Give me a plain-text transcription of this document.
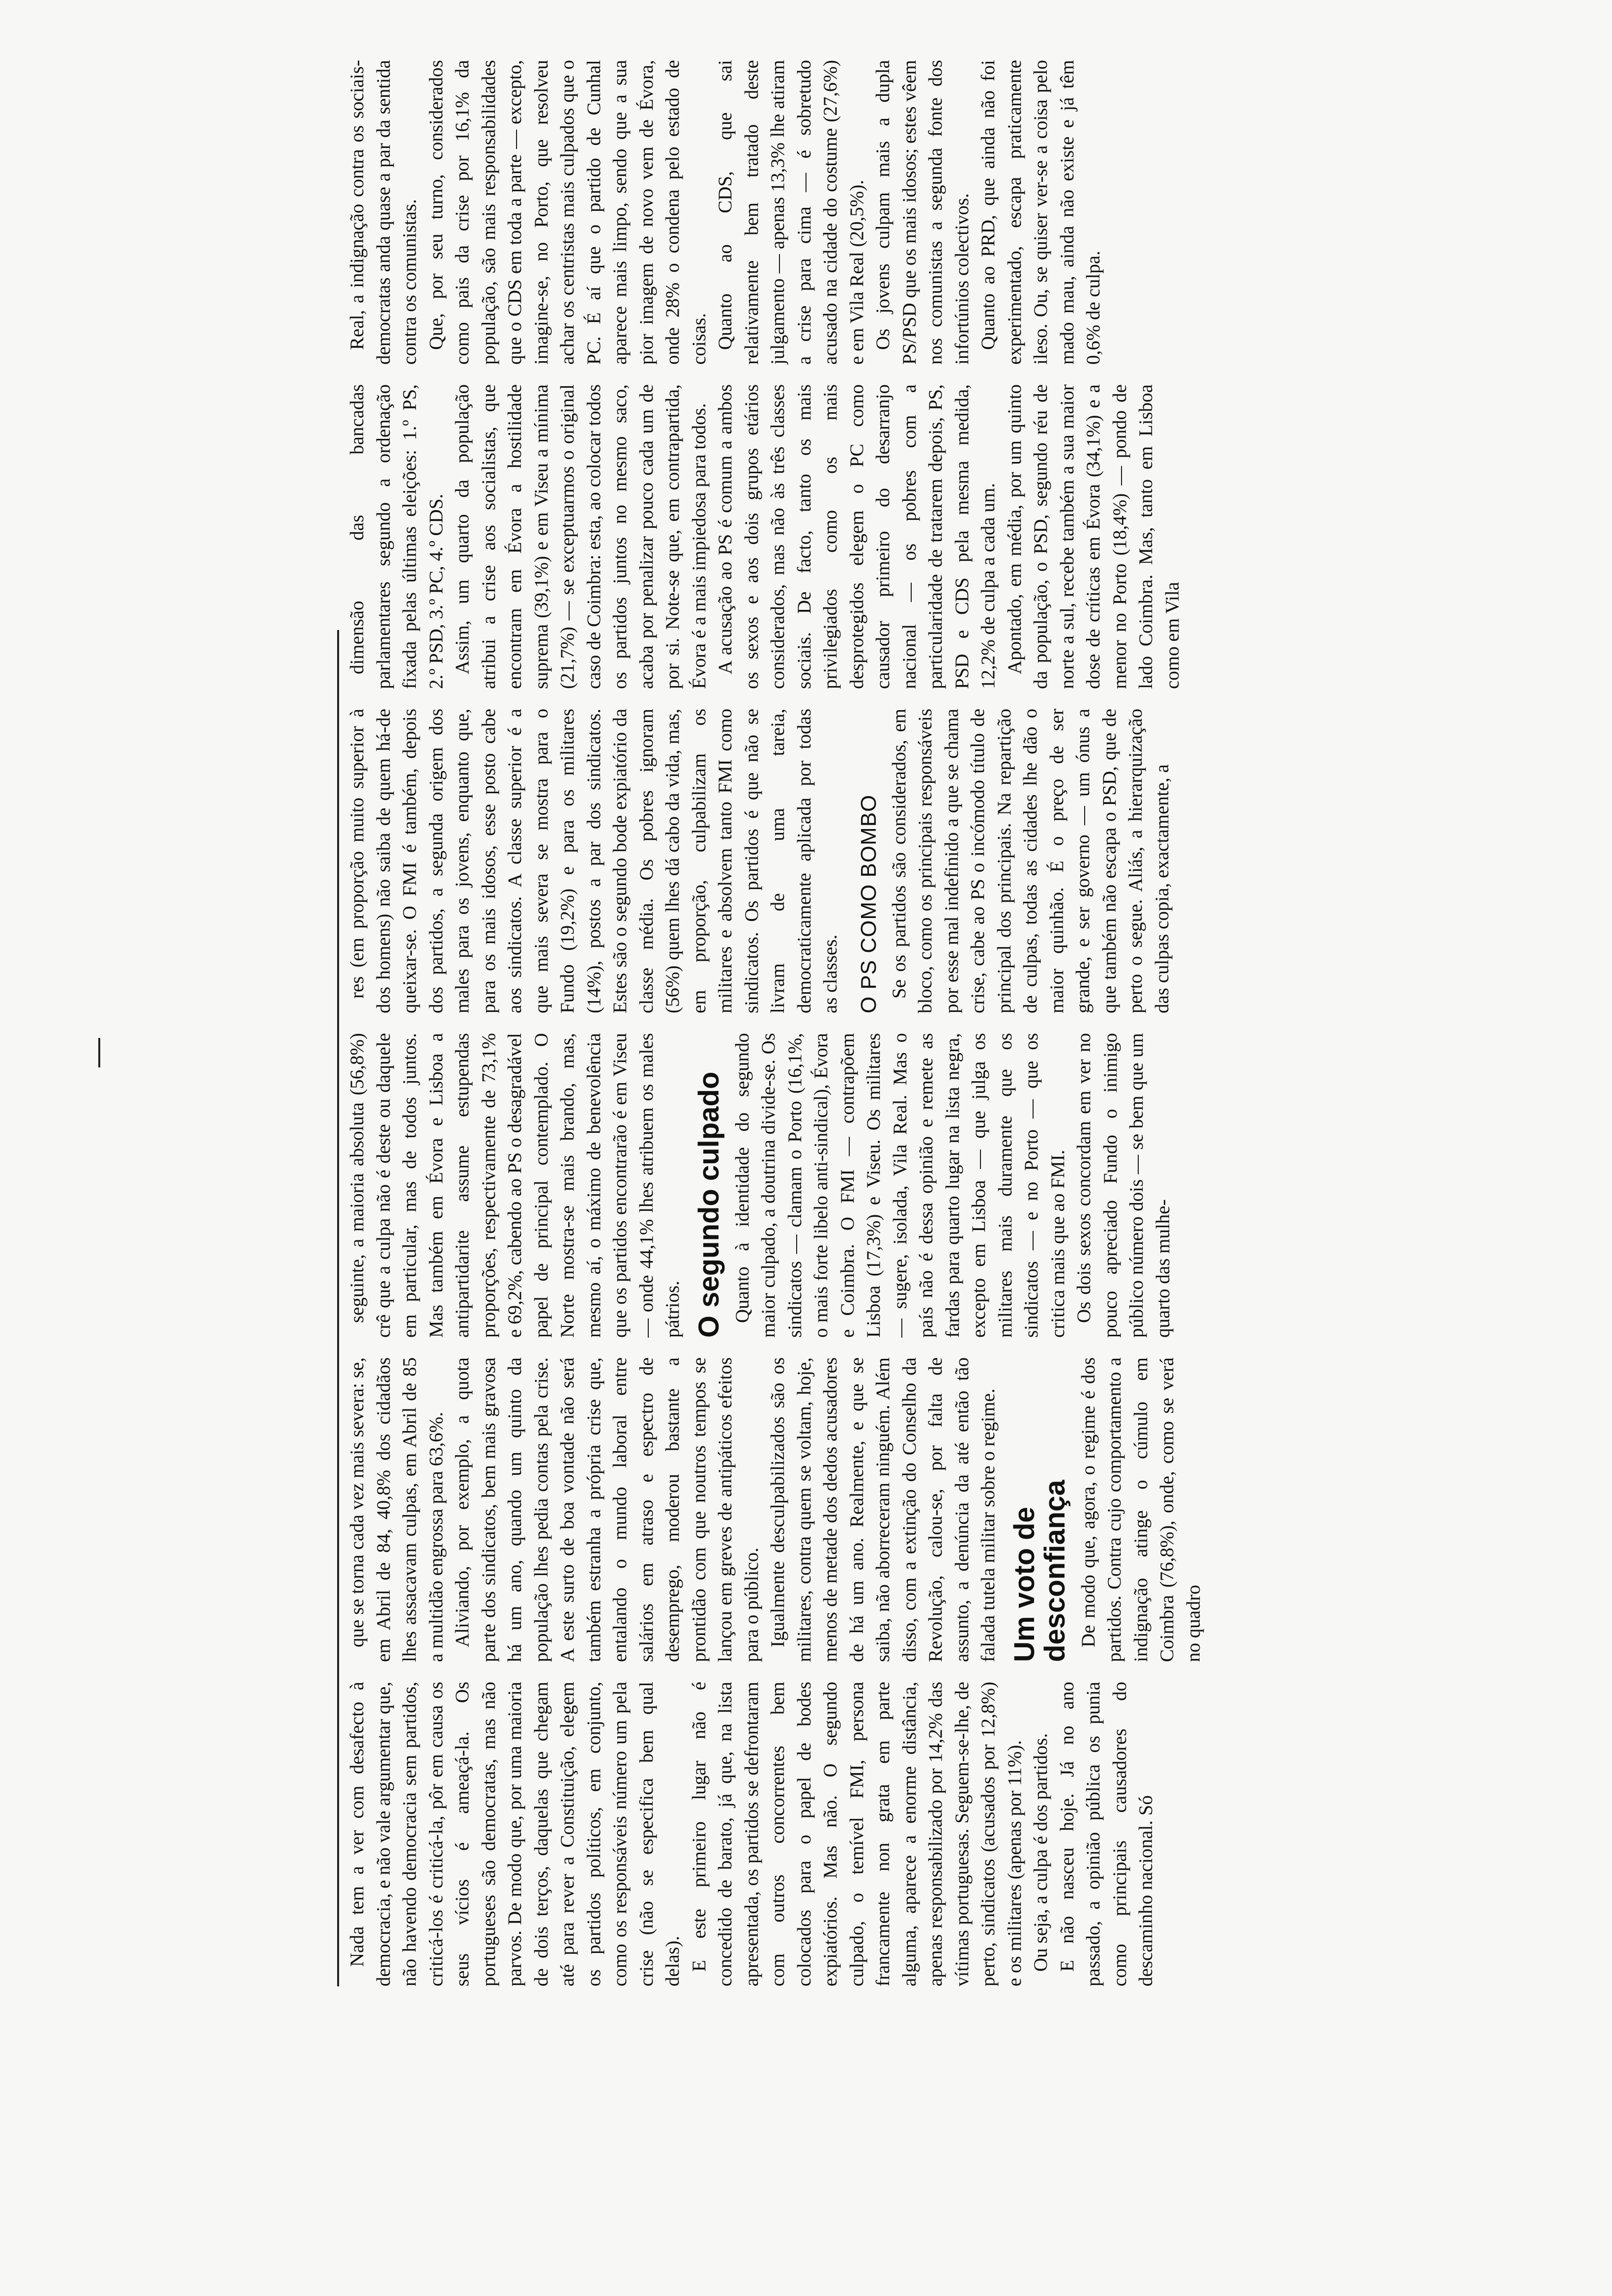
Nada tem a ver com desafecto à democracia, e não vale argumentar que, não havendo democracia sem partidos, criticá-los é criticá-la, pôr em causa os seus vícios é ameaçá-la. Os portugueses são democratas, mas não parvos. De modo que, por uma maioria de dois terços, daquelas que chegam até para rever a Constituição, elegem os partidos políticos, em conjunto, como os responsáveis número um pela crise (não se especifica bem qual delas). E este primeiro lugar não é concedido de barato, já que, na lista apresentada, os partidos se defrontaram com outros concorrentes bem colocados para o papel de bodes expiatórios. Mas não. O segundo culpado, o temível FMI, persona francamente non grata em parte alguma, aparece a enorme distância, apenas responsabilizado por 14,2% das vítimas portuguesas. Seguem-se-lhe, de perto, sindicatos (acusados por 12,8%) e os militares (apenas por 11%). Ou seja, a culpa é dos partidos. E não nasceu hoje. Já no ano passado, a opinião pública os punia como principais causadores do descaminho nacional. Só

que se torna cada vez mais severa: se, em Abril de 84, 40,8% dos cidadãos lhes assacavam culpas, em Abril de 85 a multidão engrossa para 63,6%. Aliviando, por exemplo, a quota parte dos sindicatos, bem mais gravosa há um ano, quando um quinto da população lhes pedia contas pela crise. A este surto de boa vontade não será também estranha a própria crise que, entalando o mundo laboral entre salários em atraso e espectro de desemprego, moderou bastante a prontidão com que noutros tempos se lançou em greves de antipáticos efeitos para o público. Igualmente desculpabilizados são os militares, contra quem se voltam, hoje, menos de metade dos dedos acusadores de há um ano. Realmente, e que se saiba, não aborreceram ninguém. Além disso, com a extinção do Conselho da Revolução, calou-se, por falta de assunto, a denúncia da até então tão falada tutela militar sobre o regime. Um voto de desconfiança De modo que, agora, o regime é dos partidos. Contra cujo comportamento a indignação atinge o cúmulo em Coimbra (76,8%), onde, como se verá no quadro

seguinte, a maioria absoluta (56,8%) crê que a culpa não é deste ou daquele em particular, mas de todos juntos. Mas também em Évora e Lisboa a antipartidarite assume estupendas proporções, respectivamente de 73,1% e 69,2%, cabendo ao PS o desagradável papel de principal contemplado. O Norte mostra-se mais brando, mas, mesmo aí, o máximo de benevolência que os partidos encontrarão é em Viseu — onde 44,1% lhes atribuem os males pátrios. O segundo culpado Quanto à identidade do segundo maior culpado, a doutrina divide-se. Os sindicatos — clamam o Porto (16,1%, o mais forte libelo anti-sindical), Évora e Coimbra. O FMI — contrapõem Lisboa (17,3%) e Viseu. Os militares — sugere, isolada, Vila Real. Mas o país não é dessa opinião e remete as fardas para quarto lugar na lista negra, excepto em Lisboa — que julga os militares mais duramente que os sindicatos — e no Porto — que os critica mais que ao FMI. Os dois sexos concordam em ver no pouco apreciado Fundo o inimigo público número dois — se bem que um quarto das mulhe-

res (em proporção muito superior à dos homens) não saiba de quem há-de queixar-se. O FMI é também, depois dos partidos, a segunda origem dos males para os jovens, enquanto que, para os mais idosos, esse posto cabe aos sindicatos. A classe superior é a que mais severa se mostra para o Fundo (19,2%) e para os militares (14%), postos a par dos sindicatos. Estes são o segundo bode expiatório da classe média. Os pobres ignoram (56%) quem lhes dá cabo da vida, mas, em proporção, culpabilizam os militares e absolvem tanto FMI como sindicatos. Os partidos é que não se livram de uma tareia, democraticamente aplicada por todas as classes. O PS COMO BOMBO Se os partidos são considerados, em bloco, como os principais responsáveis por esse mal indefinido a que se chama crise, cabe ao PS o incómodo título de principal dos principais. Na repartição de culpas, todas as cidades lhe dão o maior quinhão. É o preço de ser grande, e ser governo — um ónus a que também não escapa o PSD, que de perto o segue. Aliás, a hierarquização das culpas copia, exactamente, a

dimensão das bancadas parlamentares segundo a ordenação fixada pelas últimas eleições: 1.º PS, 2.º PSD, 3.º PC, 4.º CDS. Assim, um quarto da população atribui a crise aos socialistas, que encontram em Évora a hostilidade suprema (39,1%) e em Viseu a mínima (21,7%) — se exceptuarmos o original caso de Coimbra: esta, ao colocar todos os partidos juntos no mesmo saco, acaba por penalizar pouco cada um de por si. Note-se que, em contrapartida, Évora é a mais impiedosa para todos. A acusação ao PS é comum a ambos os sexos e aos dois grupos etários considerados, mas não às três classes sociais. De facto, tanto os mais privilegiados como os mais desprotegidos elegem o PC como causador primeiro do desarranjo nacional — os pobres com a particularidade de tratarem depois, PS, PSD e CDS pela mesma medida, 12,2% de culpa a cada um. Apontado, em média, por um quinto da população, o PSD, segundo réu de norte a sul, recebe também a sua maior dose de críticas em Évora (34,1%) e a menor no Porto (18,4%) — pondo de lado Coimbra. Mas, tanto em Lisboa como em Vila

Real, a indignação contra os sociais-democratas anda quase a par da sentida contra os comunistas. Que, por seu turno, considerados como pais da crise por 16,1% da população, são mais responsabilidades que o CDS em toda a parte — excepto, imagine-se, no Porto, que resolveu achar os centristas mais culpados que o PC. É aí que o partido de Cunhal aparece mais limpo, sendo que a sua pior imagem de novo vem de Évora, onde 28% o condena pelo estado de coisas. Quanto ao CDS, que sai relativamente bem tratado deste julgamento — apenas 13,3% lhe atiram a crise para cima — é sobretudo acusado na cidade do costume (27,6%) e em Vila Real (20,5%). Os jovens culpam mais a dupla PS/PSD que os mais idosos; estes vêem nos comunistas a segunda fonte dos infortúnios colectivos. Quanto ao PRD, que ainda não foi experimentado, escapa praticamente ileso. Ou, se quiser ver-se a coisa pelo mado mau, ainda não existe e já têm 0,6% de culpa.
